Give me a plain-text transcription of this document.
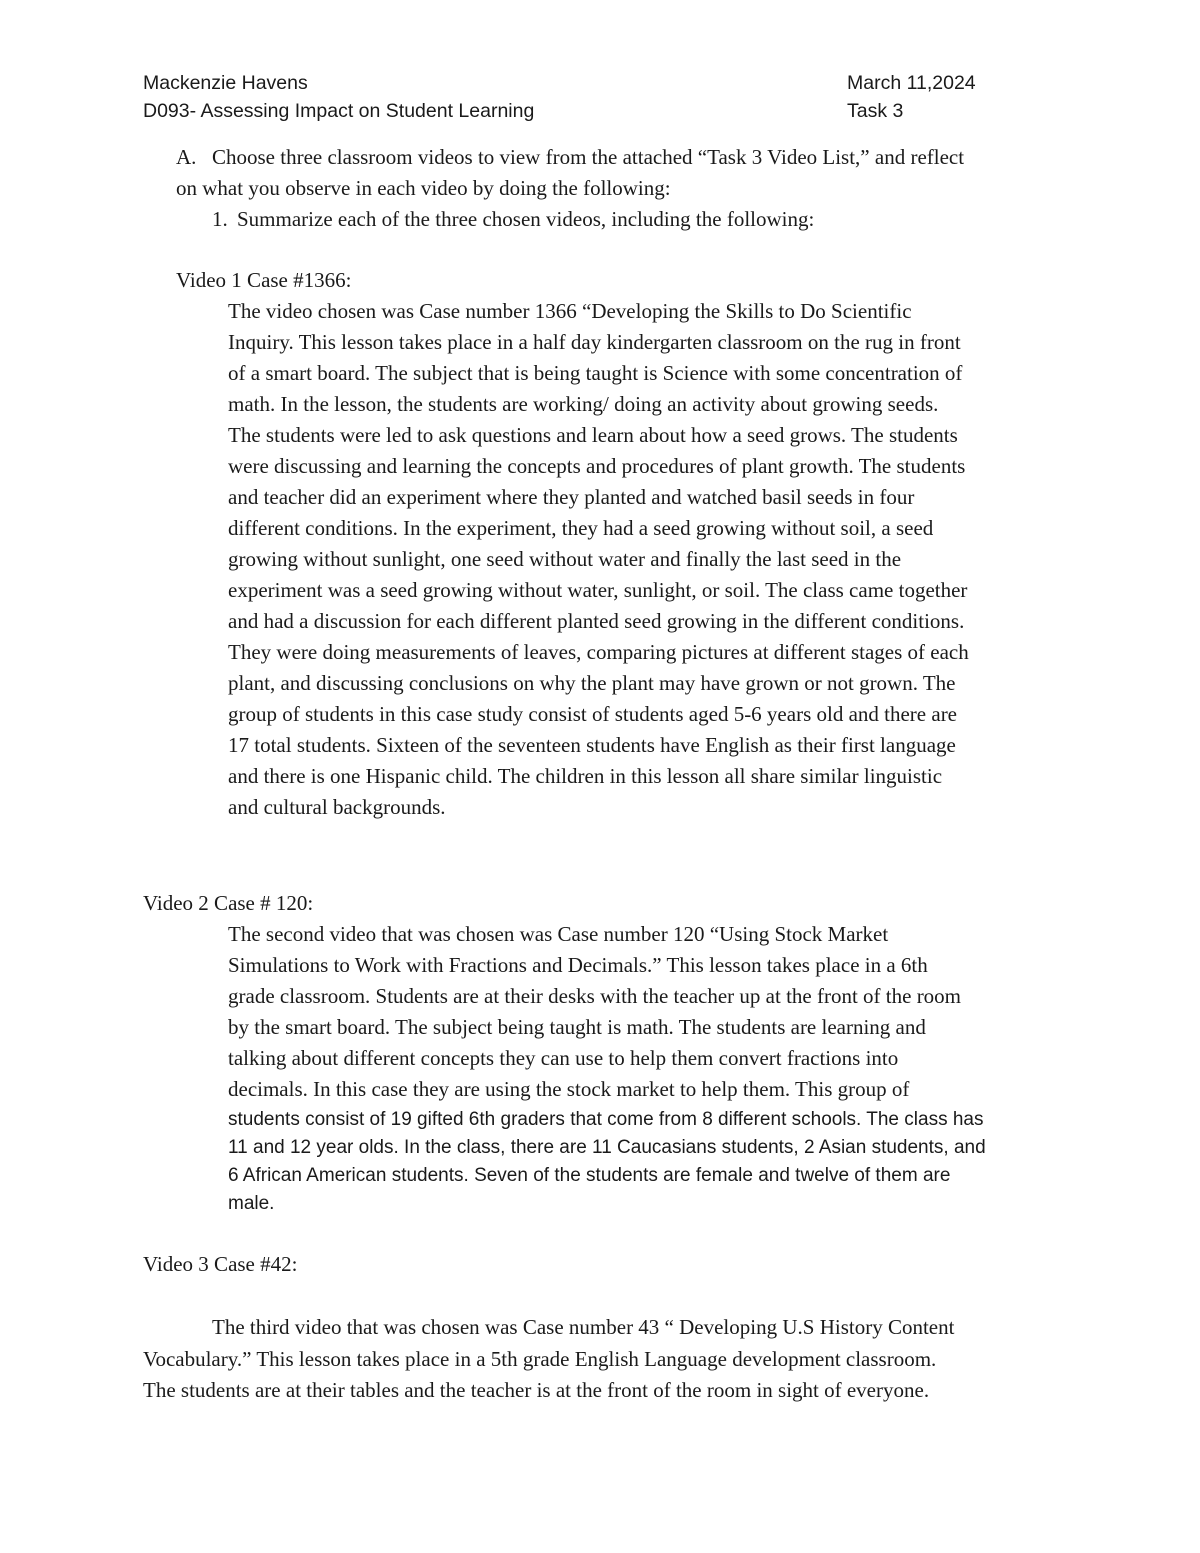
Mackenzie Havens	March 11,2024
D093- Assessing Impact on Student Learning	Task 3
A. Choose three classroom videos to view from the attached “Task 3 Video List,” and reflect
on what you observe in each video by doing the following:
1. Summarize each of the three chosen videos, including the following:
Video 1 Case #1366:
The video chosen was Case number 1366 “Developing the Skills to Do Scientific
Inquiry. This lesson takes place in a half day kindergarten classroom on the rug in front
of a smart board. The subject that is being taught is Science with some concentration of
math. In the lesson, the students are working/ doing an activity about growing seeds.
The students were led to ask questions and learn about how a seed grows. The students
were discussing and learning the concepts and procedures of plant growth. The students
and teacher did an experiment where they planted and watched basil seeds in four
different conditions. In the experiment, they had a seed growing without soil, a seed
growing without sunlight, one seed without water and finally the last seed in the
experiment was a seed growing without water, sunlight, or soil. The class came together
and had a discussion for each different planted seed growing in the different conditions.
They were doing measurements of leaves, comparing pictures at different stages of each
plant, and discussing conclusions on why the plant may have grown or not grown. The
group of students in this case study consist of students aged 5-6 years old and there are
17 total students. Sixteen of the seventeen students have English as their first language
and there is one Hispanic child. The children in this lesson all share similar linguistic
and cultural backgrounds.
Video 2 Case # 120:
The second video that was chosen was Case number 120 “Using Stock Market
Simulations to Work with Fractions and Decimals.” This lesson takes place in a 6th
grade classroom. Students are at their desks with the teacher up at the front of the room
by the smart board. The subject being taught is math. The students are learning and
talking about different concepts they can use to help them convert fractions into
decimals. In this case they are using the stock market to help them. This group of
students consist of 19 gifted 6th graders that come from 8 different schools. The class has
11 and 12 year olds. In the class, there are 11 Caucasians students, 2 Asian students, and
6 African American students. Seven of the students are female and twelve of them are
male.
Video 3 Case #42:
The third video that was chosen was Case number 43 “ Developing U.S History Content
Vocabulary.” This lesson takes place in a 5th grade English Language development classroom.
The students are at their tables and the teacher is at the front of the room in sight of everyone.
